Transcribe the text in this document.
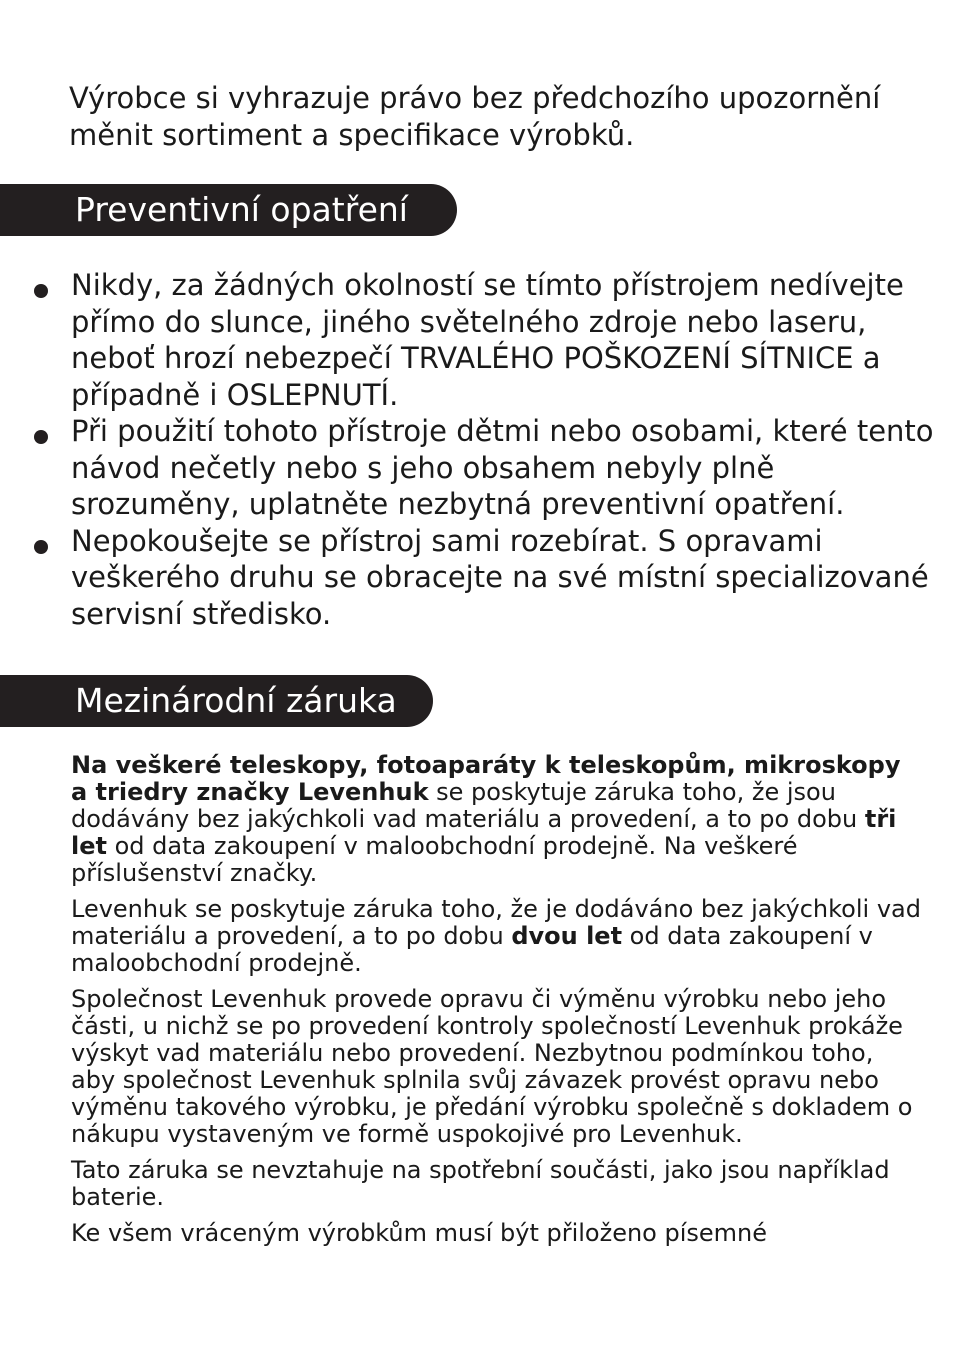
Výrobce si vyhrazuje právo bez předchozího upozornění měnit sortiment a specifikace výrobků.

Preventivní opatření
Nikdy, za žádných okolností se tímto přístrojem nedívejte přímo do slunce, jiného světelného zdroje nebo laseru, neboť hrozí nebezpečí TRVALÉHO POŠKOZENÍ SÍTNICE a případně i OSLEPNUTÍ.
Při použití tohoto přístroje dětmi nebo osobami, které tento návod nečetly nebo s jeho obsahem nebyly plně srozuměny, uplatněte nezbytná preventivní opatření.
Nepokoušejte se přístroj sami rozebírat. S opravami veškerého druhu se obracejte na své místní specializované servisní středisko.
Mezinárodní záruka

Na veškeré teleskopy, fotoaparáty k teleskopům, mikroskopy a triedry značky Levenhuk se poskytuje záruka toho, že jsou dodávány bez jakýchkoli vad materiálu a provedení, a to po dobu tři let od data zakoupení v maloobchodní prodejně. Na veškeré příslušenství značky.

Levenhuk se poskytuje záruka toho, že je dodáváno bez jakýchkoli vad materiálu a provedení, a to po dobu dvou let od data zakoupení v maloobchodní prodejně.

Společnost Levenhuk provede opravu či výměnu výrobku nebo jeho části, u nichž se po provedení kontroly společností Levenhuk prokáže výskyt vad materiálu nebo provedení. Nezbytnou podmínkou toho, aby společnost Levenhuk splnila svůj závazek provést opravu nebo výměnu takového výrobku, je předání výrobku společně s dokladem o nákupu vystaveným ve formě uspokojivé pro Levenhuk.

Tato záruka se nevztahuje na spotřební součásti, jako jsou například baterie.

Ke všem vráceným výrobkům musí být přiloženo písemné
